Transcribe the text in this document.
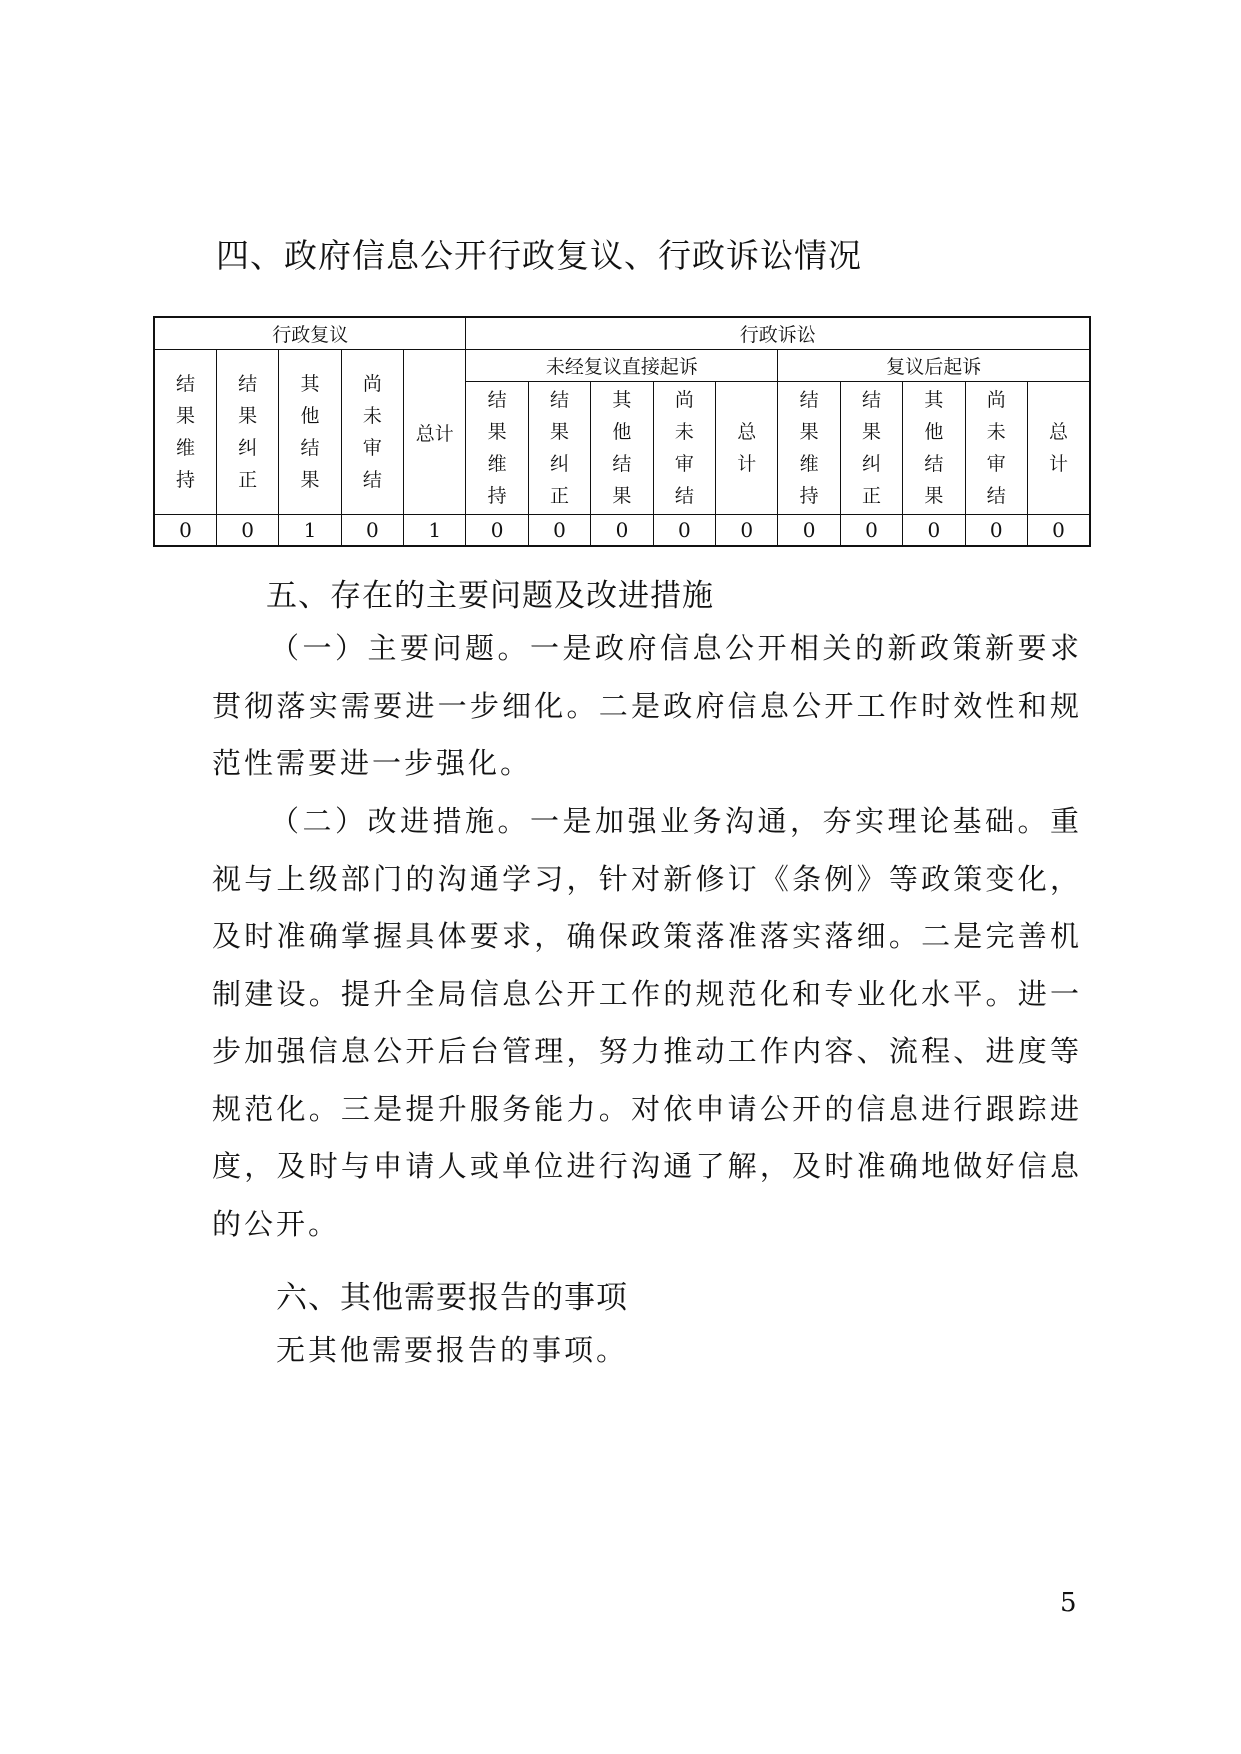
四、政府信息公开行政复议、行政诉讼情况
行政复议					行政诉讼									
结果维持	结果纠正	其他结果	尚未审结	总计	未经复议直接起诉					复议后起诉				
					结果维持	结果纠正	其他结果	尚未审结	总计	结果维持	结果纠正	其他结果	尚未审结	总计
0	0	1	0	1	0	0	0	0	0	0	0	0	0	0
五、存在的主要问题及改进措施
（一）主要问题。一是政府信息公开相关的新政策新要求贯彻落实需要进一步细化。二是政府信息公开工作时效性和规范性需要进一步强化。
（二）改进措施。一是加强业务沟通，夯实理论基础。重视与上级部门的沟通学习，针对新修订《条例》等政策变化，及时准确掌握具体要求，确保政策落准落实落细。二是完善机制建设。提升全局信息公开工作的规范化和专业化水平。进一步加强信息公开后台管理，努力推动工作内容、流程、进度等规范化。三是提升服务能力。对依申请公开的信息进行跟踪进度，及时与申请人或单位进行沟通了解，及时准确地做好信息的公开。
六、其他需要报告的事项
无其他需要报告的事项。
5
